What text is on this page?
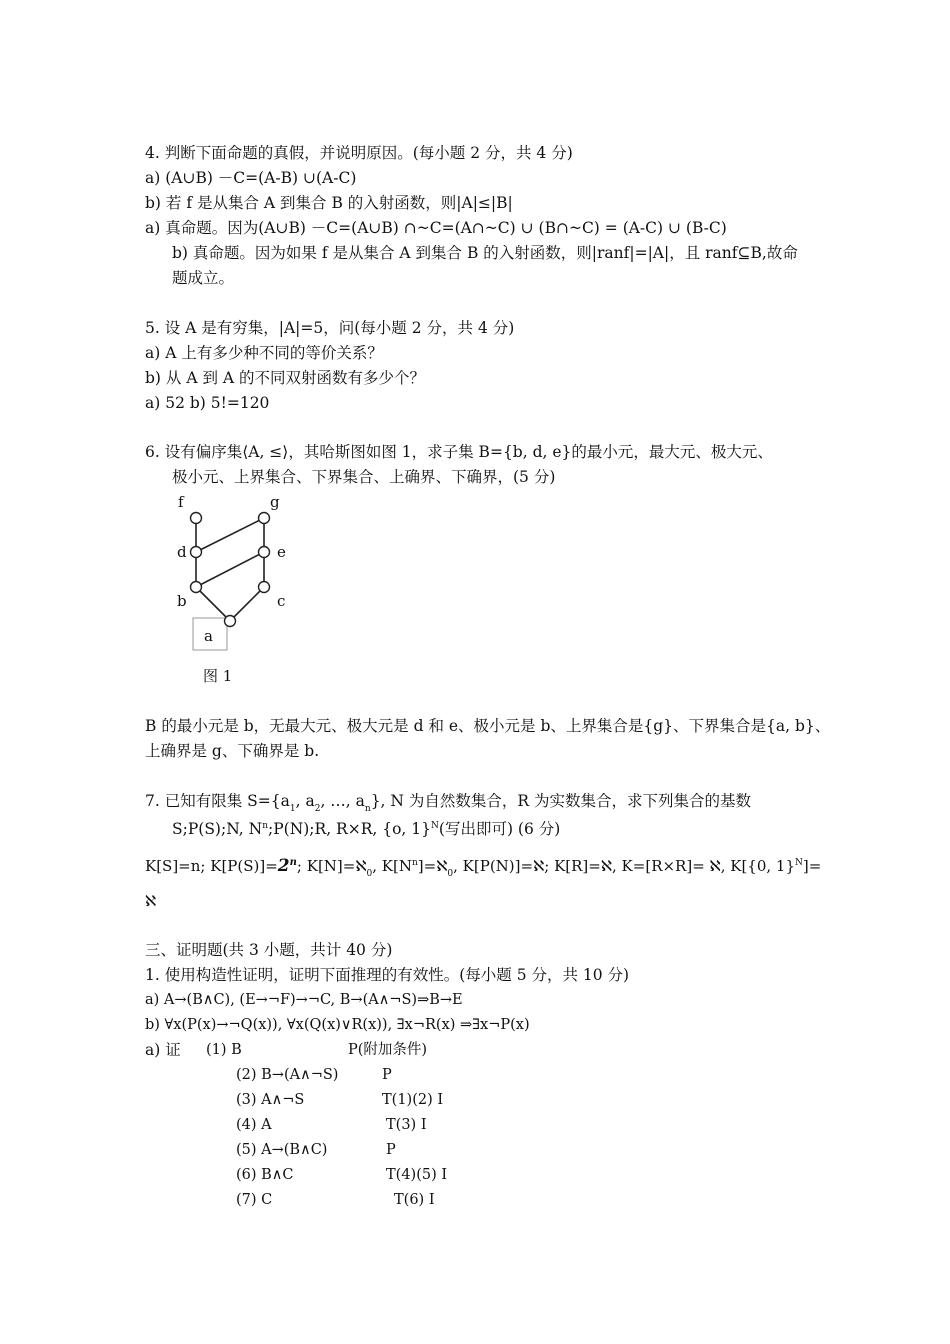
4. 判断下面命题的真假，并说明原因。(每小题 2 分，共 4 分)
a) (A∪B) －C=(A-B) ∪(A-C)
b) 若 f 是从集合 A 到集合 B 的入射函数，则|A|≤|B|
a) 真命题。因为(A∪B) －C=(A∪B) ∩~C=(A∩~C) ∪ (B∩~C) = (A-C) ∪ (B-C)
b) 真命题。因为如果 f 是从集合 A 到集合 B 的入射函数，则|ranf|=|A|，且 ranf⊆B,故命
题成立。
5. 设 A 是有穷集，|A|=5，问(每小题 2 分，共 4 分)
a) A 上有多少种不同的等价关系？
b) 从 A 到 A 的不同双射函数有多少个？
a) 52 b) 5!=120
6. 设有偏序集⟨A, ≤⟩，其哈斯图如图 1，求子集 B={b, d, e}的最小元，最大元、极大元、
极小元、上界集合、下界集合、上确界、下确界，(5 分)
f	g
d	e
b	c
a
图 1
B 的最小元是 b，无最大元、极大元是 d 和 e、极小元是 b、上界集合是{g}、下界集合是{a, b}、
上确界是 g、下确界是 b.
7. 已知有限集 $S=\{a_1$, $a_2$, …, $a_n$}, N 为自然数集合，R 为实数集合，求下列集合的基数
S;P(S);N, $N^n;P(N);R$, R×R, {o, 1}$^N$(写出即可) (6 分)
K[S]=n; $K[P(S)]=2^n$; K[N]=ℵ$_0$, $K[N^n]=ℵ_0$, K[P(N)]=ℵ; K[R]=ℵ, K=[R×R]= ℵ, K[{0, 1}$^N$]=
ℵ
三、证明题(共 3 小题，共计 40 分)
1. 使用构造性证明，证明下面推理的有效性。(每小题 5 分，共 10 分)
a) A→(B∧C), (E→¬F)→¬C, B→(A∧¬S)⇒B→E
b) ∀x(P(x)→¬Q(x)), ∀x(Q(x)∨R(x)), ∃x¬R(x) ⇒∃x¬P(x)
a) 证 (1) B	P(附加条件)
(2) B→(A∧¬S)	P
(3) A∧¬S	T(1)(2) I
(4) A	T(3) I
(5) A→(B∧C)	P
(6) B∧C	T(4)(5) I
(7) C	T(6) I
